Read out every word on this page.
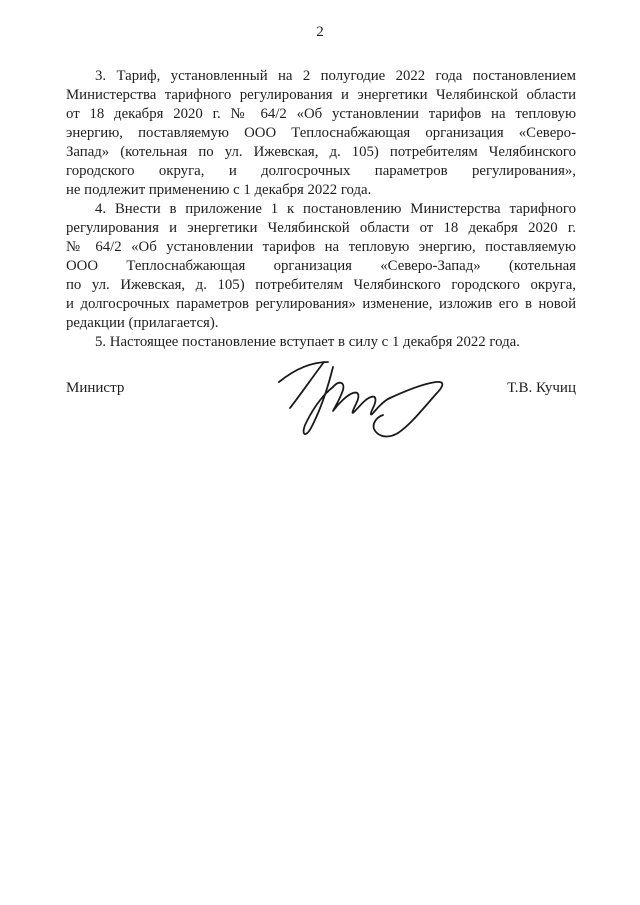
2
3. Тариф, установленный на 2 полугодие 2022 года постановлением
Министерства тарифного регулирования и энергетики Челябинской области
от 18 декабря 2020 г. № 64/2 «Об установлении тарифов на тепловую
энергию, поставляемую ООО Теплоснабжающая организация «Северо-
Запад» (котельная по ул. Ижевская, д. 105) потребителям Челябинского
городского округа, и долгосрочных параметров регулирования»,
не подлежит применению с 1 декабря 2022 года.
4. Внести в приложение 1 к постановлению Министерства тарифного
регулирования и энергетики Челябинской области от 18 декабря 2020 г.
№ 64/2 «Об установлении тарифов на тепловую энергию, поставляемую
ООО Теплоснабжающая организация «Северо-Запад» (котельная
по ул. Ижевская, д. 105) потребителям Челябинского городского округа,
и долгосрочных параметров регулирования» изменение, изложив его в новой
редакции (прилагается).
5. Настоящее постановление вступает в силу с 1 декабря 2022 года.
Министр	Т.В. Кучиц
